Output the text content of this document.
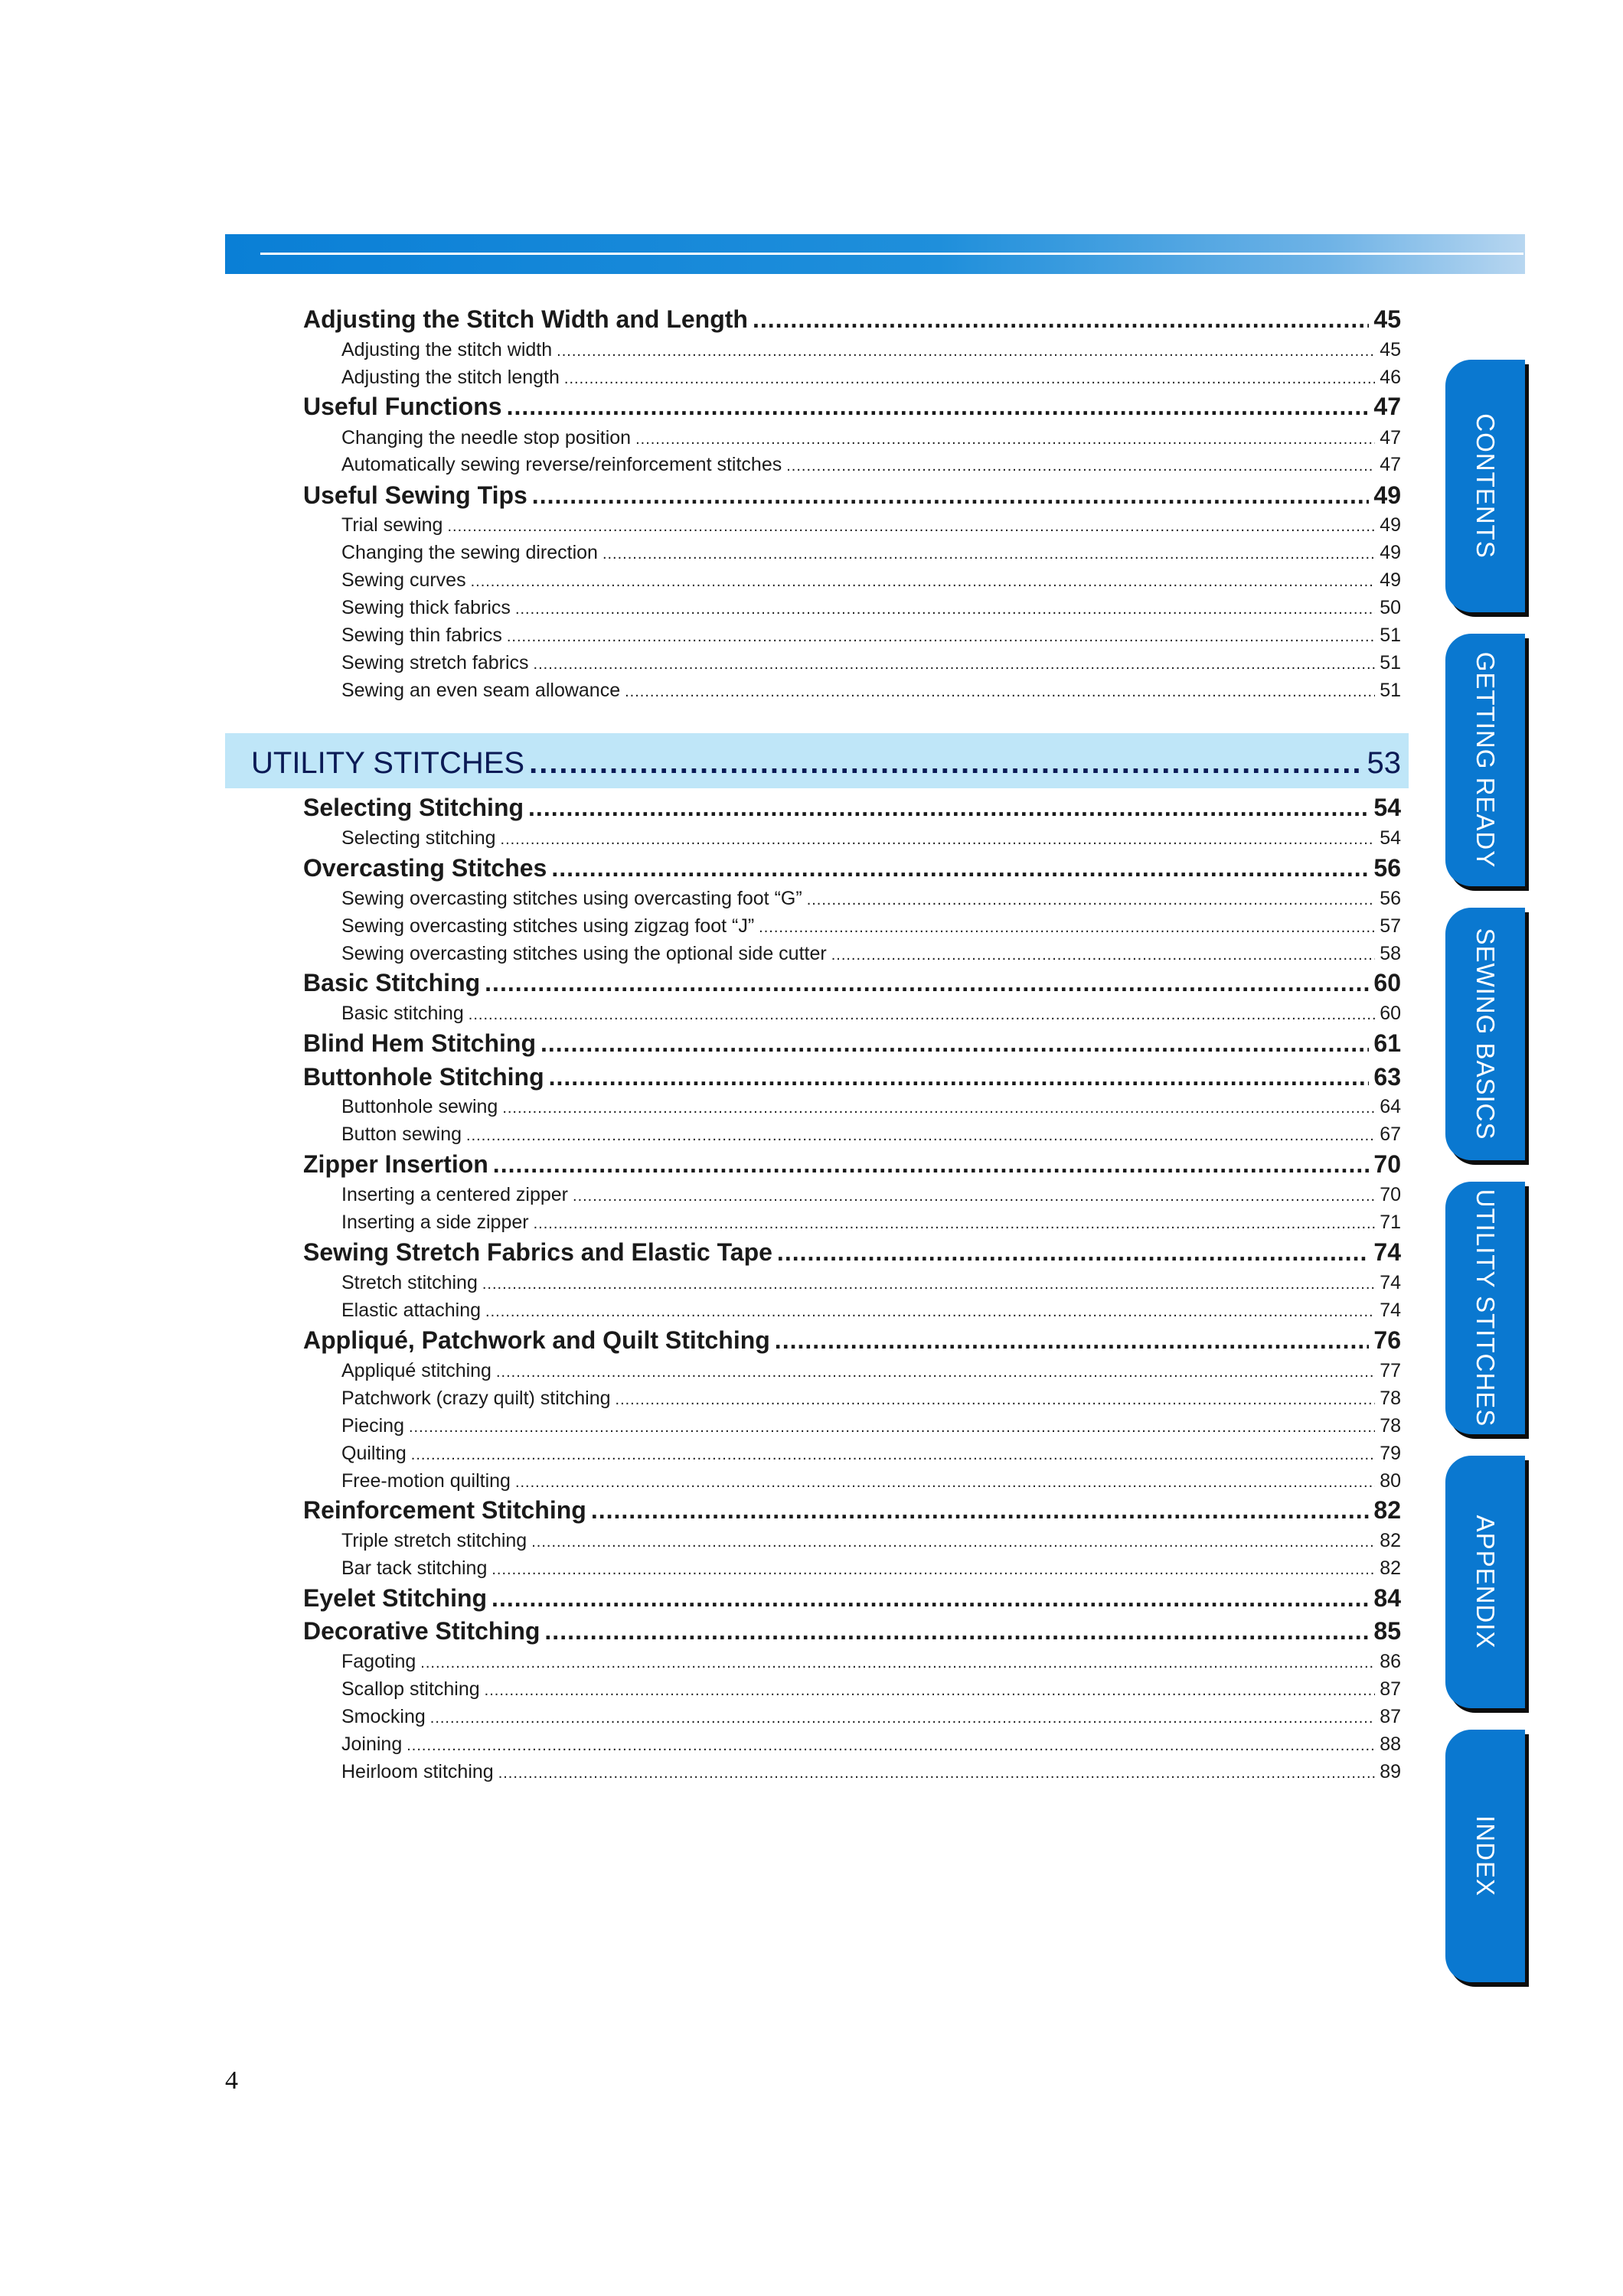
Adjusting the Stitch Width and Length .....	45
Adjusting the stitch width .....	45
Adjusting the stitch length .....	46
Useful Functions .....	47
Changing the needle stop position .....	47
Automatically sewing reverse/reinforcement stitches .....	47
Useful Sewing Tips .....	49
Trial sewing .....	49
Changing the sewing direction .....	49
Sewing curves .....	49
Sewing thick fabrics .....	50
Sewing thin fabrics .....	51
Sewing stretch fabrics .....	51
Sewing an even seam allowance .....	51
UTILITY STITCHES .....	53
Selecting Stitching .....	54
Selecting stitching .....	54
Overcasting Stitches .....	56
Sewing overcasting stitches using overcasting foot “G” .....	56
Sewing overcasting stitches using zigzag foot “J” .....	57
Sewing overcasting stitches using the optional side cutter .....	58
Basic Stitching .....	60
Basic stitching .....	60
Blind Hem Stitching .....	61
Buttonhole Stitching .....	63
Buttonhole sewing .....	64
Button sewing .....	67
Zipper Insertion .....	70
Inserting a centered zipper .....	70
Inserting a side zipper .....	71
Sewing Stretch Fabrics and Elastic Tape .....	74
Stretch stitching .....	74
Elastic attaching .....	74
Appliqué, Patchwork and Quilt Stitching .....	76
Appliqué stitching .....	77
Patchwork (crazy quilt) stitching .....	78
Piecing .....	78
Quilting .....	79
Free-motion quilting .....	80
Reinforcement Stitching .....	82
Triple stretch stitching .....	82
Bar tack stitching .....	82
Eyelet Stitching .....	84
Decorative Stitching .....	85
Fagoting .....	86
Scallop stitching .....	87
Smocking .....	87
Joining .....	88
Heirloom stitching .....	89
CONTENTS
GETTING READY
SEWING BASICS
UTILITY STITCHES
APPENDIX
INDEX
4
